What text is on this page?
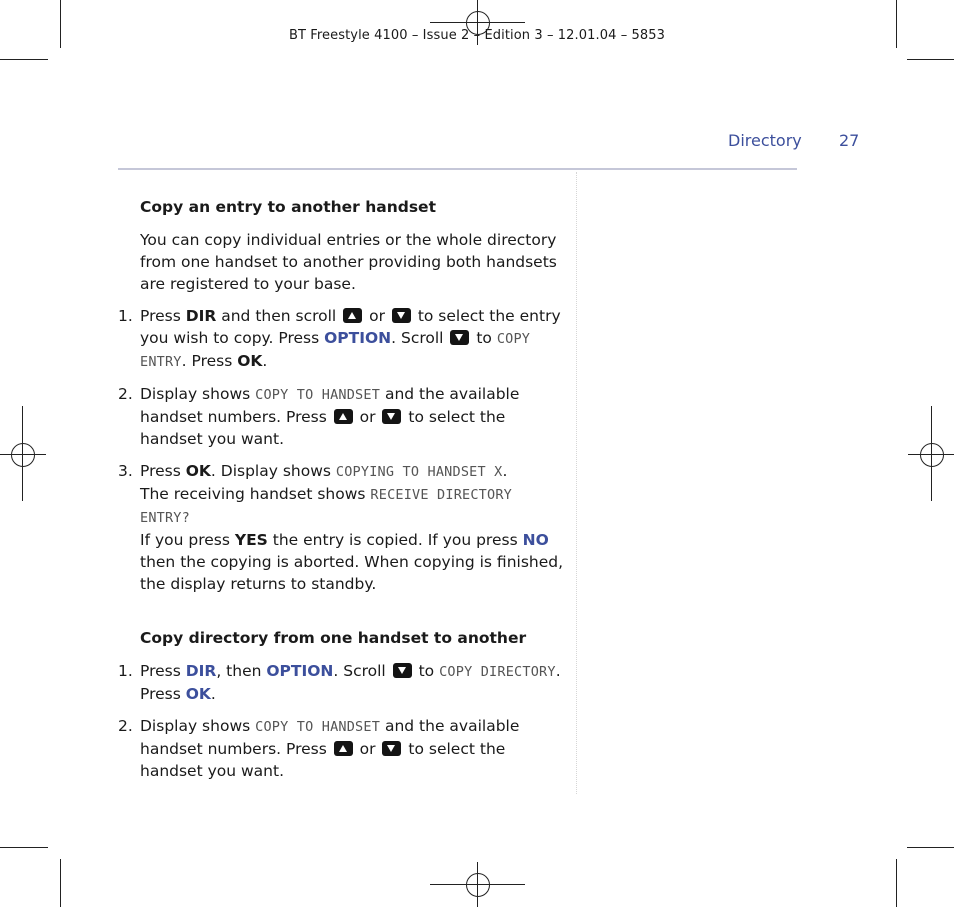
BT Freestyle 4100 – Issue 2 – Edition 3 – 12.01.04 – 5853
Directory 27
Copy an entry to another handset
You can copy individual entries or the whole directory from one handset to another providing both handsets are registered to your base.
1. Press DIR and then scroll  or  to select the entry you wish to copy. Press OPTION. Scroll  to COPY ENTRY. Press OK.
2. Display shows COPY TO HANDSET and the available handset numbers. Press  or  to select the handset you want.
3. Press OK. Display shows COPYING TO HANDSET X.
The receiving handset shows RECEIVE DIRECTORY ENTRY?
If you press YES the entry is copied. If you press NO then the copying is aborted. When copying is finished, the display returns to standby.
Copy directory from one handset to another
1. Press DIR, then OPTION. Scroll  to COPY DIRECTORY. Press OK.
2. Display shows COPY TO HANDSET and the available handset numbers. Press  or  to select the handset you want.
